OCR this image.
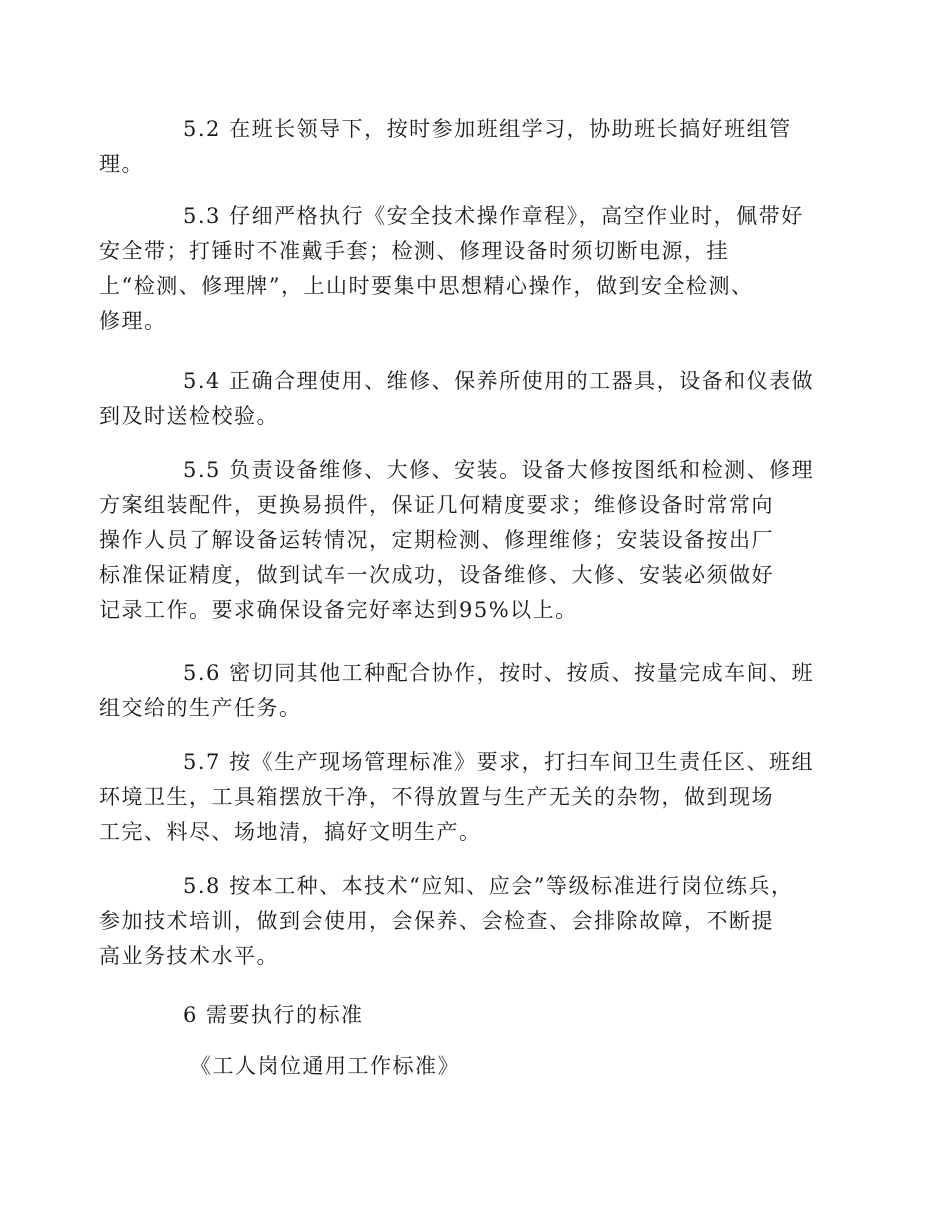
5.2 在班长领导下，按时参加班组学习，协助班长搞好班组管
理。

5.3 仔细严格执行《安全技术操作章程》，高空作业时，佩带好
安全带；打锤时不准戴手套；检测、修理设备时须切断电源，挂
上“检测、修理牌”，上山时要集中思想精心操作，做到安全检测、
修理。

5.4 正确合理使用、维修、保养所使用的工器具，设备和仪表做
到及时送检校验。

5.5 负责设备维修、大修、安装。设备大修按图纸和检测、修理
方案组装配件，更换易损件，保证几何精度要求；维修设备时常常向
操作人员了解设备运转情况，定期检测、修理维修；安装设备按出厂
标准保证精度，做到试车一次成功，设备维修、大修、安装必须做好
记录工作。要求确保设备完好率达到95%以上。

5.6 密切同其他工种配合协作，按时、按质、按量完成车间、班
组交给的生产任务。

5.7 按《生产现场管理标准》要求，打扫车间卫生责任区、班组
环境卫生，工具箱摆放干净，不得放置与生产无关的杂物，做到现场
工完、料尽、场地清，搞好文明生产。

5.8 按本工种、本技术“应知、应会”等级标准进行岗位练兵，
参加技术培训，做到会使用，会保养、会检查、会排除故障，不断提
高业务技术水平。

6 需要执行的标准

《工人岗位通用工作标准》
